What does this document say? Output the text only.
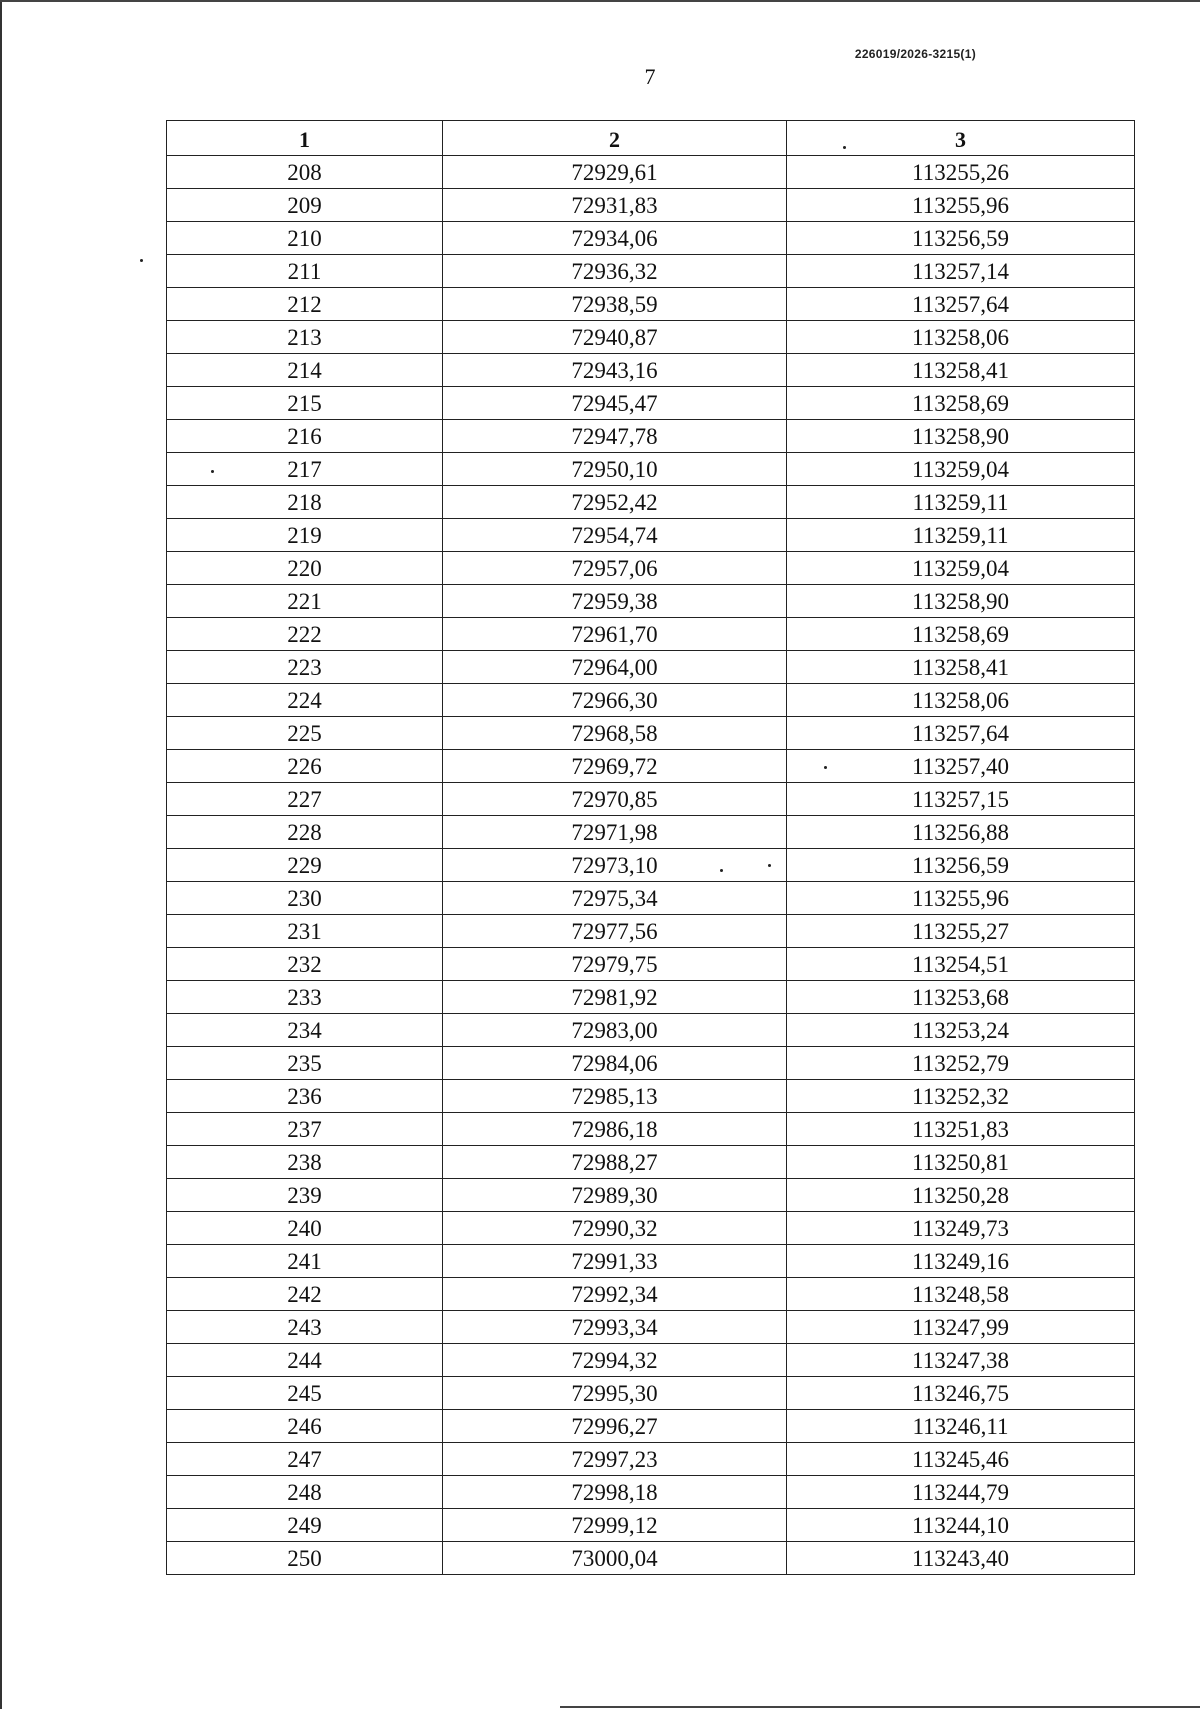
226019/2026-3215(1)
7
1	2	3
208	72929,61	113255,26
209	72931,83	113255,96
210	72934,06	113256,59
211	72936,32	113257,14
212	72938,59	113257,64
213	72940,87	113258,06
214	72943,16	113258,41
215	72945,47	113258,69
216	72947,78	113258,90
217	72950,10	113259,04
218	72952,42	113259,11
219	72954,74	113259,11
220	72957,06	113259,04
221	72959,38	113258,90
222	72961,70	113258,69
223	72964,00	113258,41
224	72966,30	113258,06
225	72968,58	113257,64
226	72969,72	113257,40
227	72970,85	113257,15
228	72971,98	113256,88
229	72973,10	113256,59
230	72975,34	113255,96
231	72977,56	113255,27
232	72979,75	113254,51
233	72981,92	113253,68
234	72983,00	113253,24
235	72984,06	113252,79
236	72985,13	113252,32
237	72986,18	113251,83
238	72988,27	113250,81
239	72989,30	113250,28
240	72990,32	113249,73
241	72991,33	113249,16
242	72992,34	113248,58
243	72993,34	113247,99
244	72994,32	113247,38
245	72995,30	113246,75
246	72996,27	113246,11
247	72997,23	113245,46
248	72998,18	113244,79
249	72999,12	113244,10
250	73000,04	113243,40
